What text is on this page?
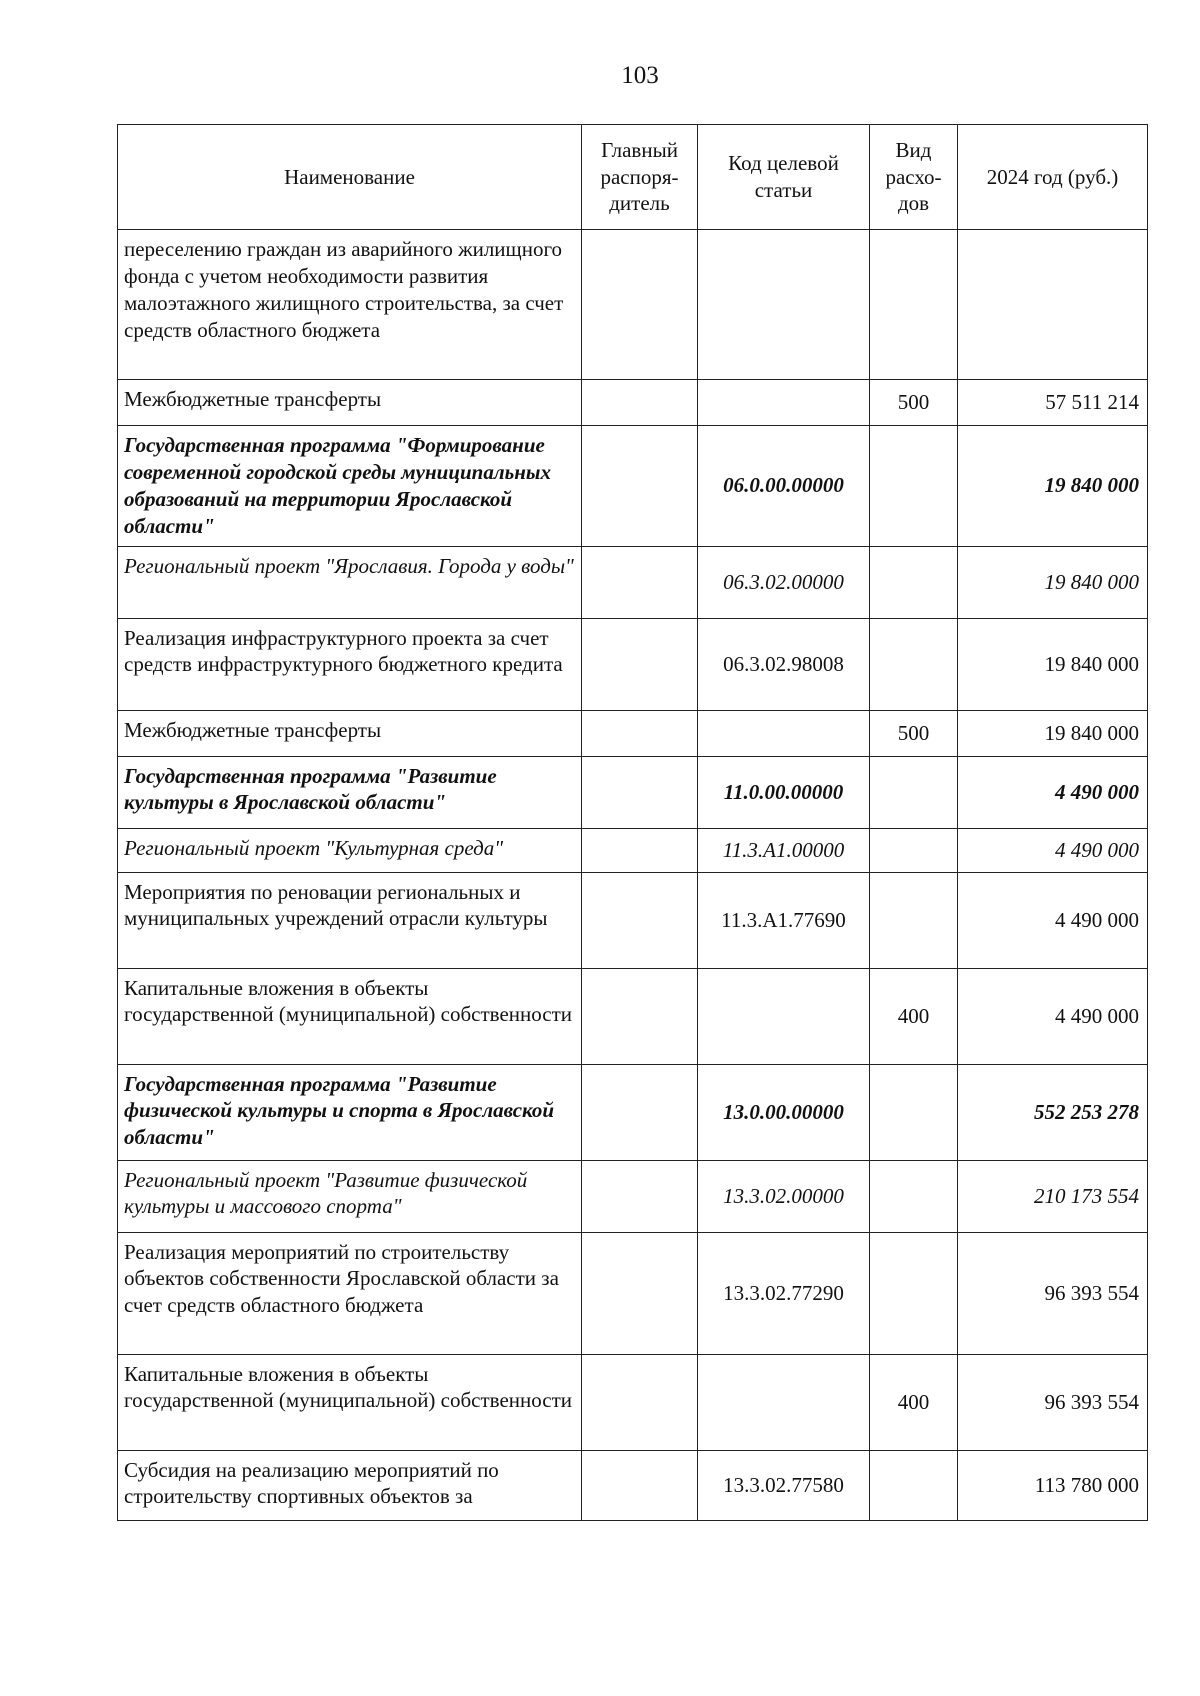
103
Наименование	Главный распоря-дитель	Код целевой статьи	Вид расхо-дов	2024 год (руб.)
переселению граждан из аварийного жилищного фонда с учетом необходимости развития малоэтажного жилищного строительства, за счет средств областного бюджета				
Межбюджетные трансферты			500	57 511 214
Государственная программа "Формирование современной городской среды муниципальных образований на территории Ярославской области"		06.0.00.00000		19 840 000
Региональный проект "Ярославия. Города у воды"		06.3.02.00000		19 840 000
Реализация инфраструктурного проекта за счет средств инфраструктурного бюджетного кредита		06.3.02.98008		19 840 000
Межбюджетные трансферты			500	19 840 000
Государственная программа "Развитие культуры в Ярославской области"		11.0.00.00000		4 490 000
Региональный проект "Культурная среда"		11.3.А1.00000		4 490 000
Мероприятия по реновации региональных и муниципальных учреждений отрасли культуры		11.3.А1.77690		4 490 000
Капитальные вложения в объекты государственной (муниципальной) собственности			400	4 490 000
Государственная программа "Развитие физической культуры и спорта в Ярославской области"		13.0.00.00000		552 253 278
Региональный проект "Развитие физической культуры и массового спорта"		13.3.02.00000		210 173 554
Реализация мероприятий по строительству объектов собственности Ярославской области за счет средств областного бюджета		13.3.02.77290		96 393 554
Капитальные вложения в объекты государственной (муниципальной) собственности			400	96 393 554
Субсидия на реализацию мероприятий по строительству спортивных объектов за		13.3.02.77580		113 780 000
